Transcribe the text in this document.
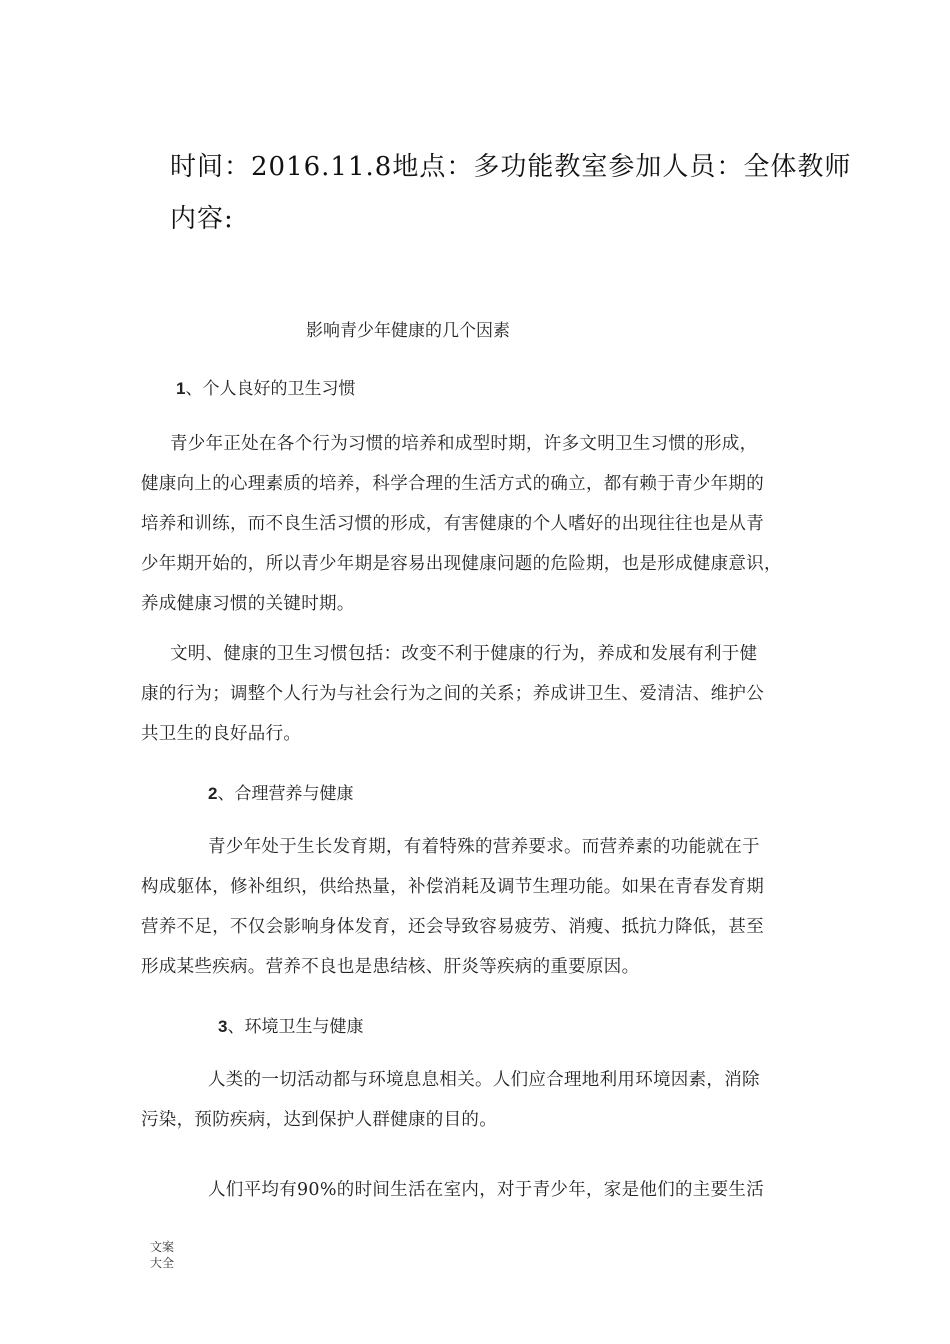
时间：2016.11.8地点：多功能教室参加人员：全体教师
内容:
影响青少年健康的几个因素
1、个人良好的卫生习惯
青少年正处在各个行为习惯的培养和成型时期，许多文明卫生习惯的形成，
健康向上的心理素质的培养，科学合理的生活方式的确立，都有赖于青少年期的
培养和训练，而不良生活习惯的形成，有害健康的个人嗜好的出现往往也是从青
少年期开始的，所以青少年期是容易出现健康问题的危险期，也是形成健康意识，
养成健康习惯的关键时期。
文明、健康的卫生习惯包括：改变不利于健康的行为，养成和发展有利于健
康的行为；调整个人行为与社会行为之间的关系；养成讲卫生、爱清洁、维护公
共卫生的良好品行。
2、合理营养与健康
青少年处于生长发育期，有着特殊的营养要求。而营养素的功能就在于
构成躯体，修补组织，供给热量，补偿消耗及调节生理功能。如果在青春发育期
营养不足，不仅会影响身体发育，还会导致容易疲劳、消瘦、抵抗力降低，甚至
形成某些疾病。营养不良也是患结核、肝炎等疾病的重要原因。
3、环境卫生与健康
人类的一切活动都与环境息息相关。人们应合理地利用环境因素，消除
污染，预防疾病，达到保护人群健康的目的。
人们平均有90%的时间生活在室内，对于青少年，家是他们的主要生活
文案大全
